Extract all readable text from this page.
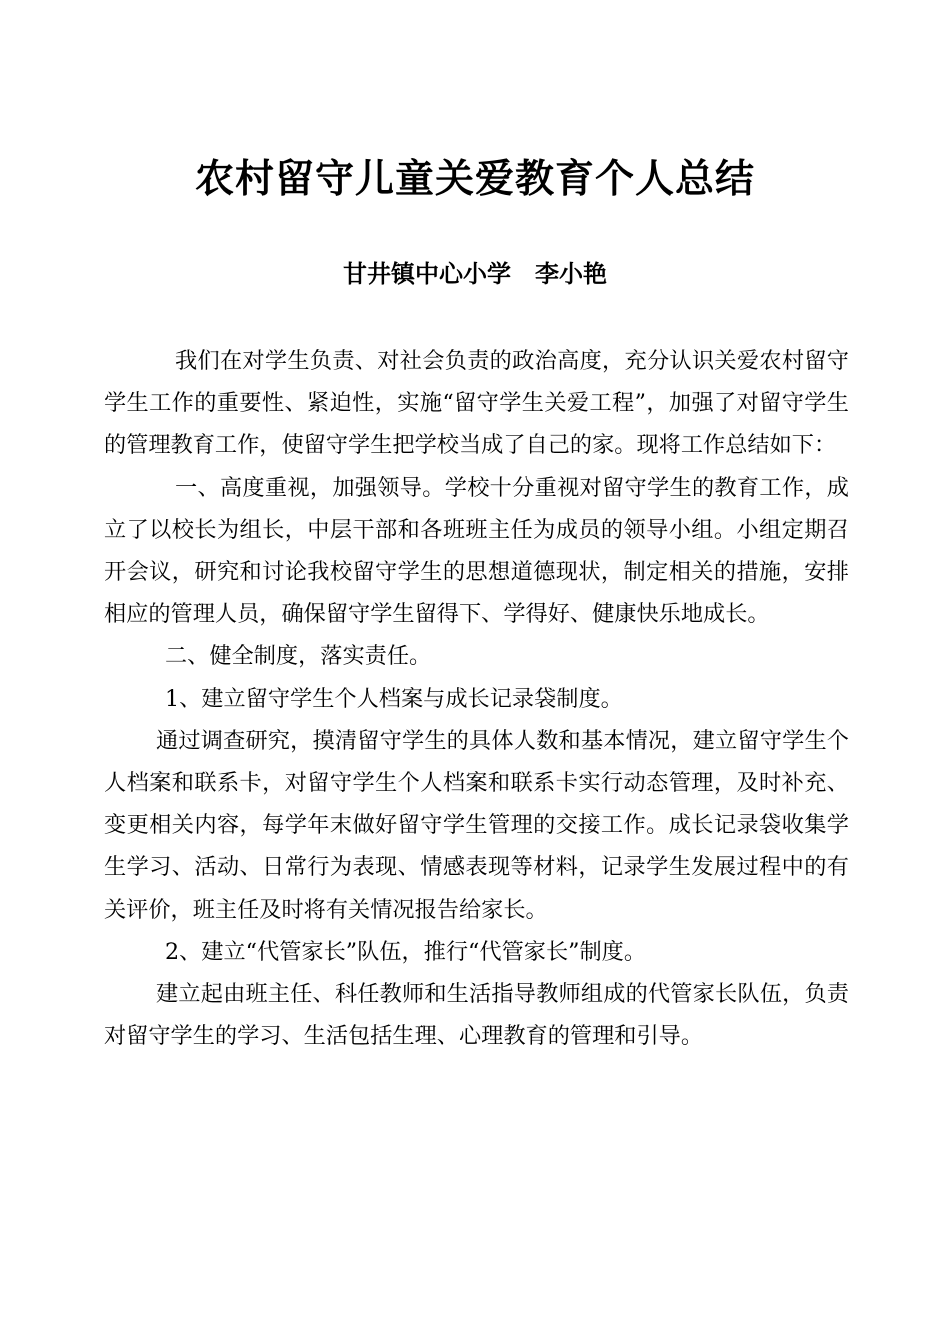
农村留守儿童关爱教育个人总结
甘井镇中心小学　李小艳

我们在对学生负责、对社会负责的政治高度，充分认识关爱农村留守学生工作的重要性、紧迫性，实施“留守学生关爱工程”，加强了对留守学生的管理教育工作，使留守学生把学校当成了自己的家。现将工作总结如下：

一、高度重视，加强领导。学校十分重视对留守学生的教育工作，成立了以校长为组长，中层干部和各班班主任为成员的领导小组。小组定期召开会议，研究和讨论我校留守学生的思想道德现状，制定相关的措施，安排相应的管理人员，确保留守学生留得下、学得好、健康快乐地成长。

二、健全制度，落实责任。

1、建立留守学生个人档案与成长记录袋制度。

通过调查研究，摸清留守学生的具体人数和基本情况，建立留守学生个人档案和联系卡，对留守学生个人档案和联系卡实行动态管理，及时补充、变更相关内容，每学年末做好留守学生管理的交接工作。成长记录袋收集学生学习、活动、日常行为表现、情感表现等材料，记录学生发展过程中的有关评价，班主任及时将有关情况报告给家长。

2、建立“代管家长”队伍，推行“代管家长”制度。

建立起由班主任、科任教师和生活指导教师组成的代管家长队伍，负责对留守学生的学习、生活包括生理、心理教育的管理和引导。
